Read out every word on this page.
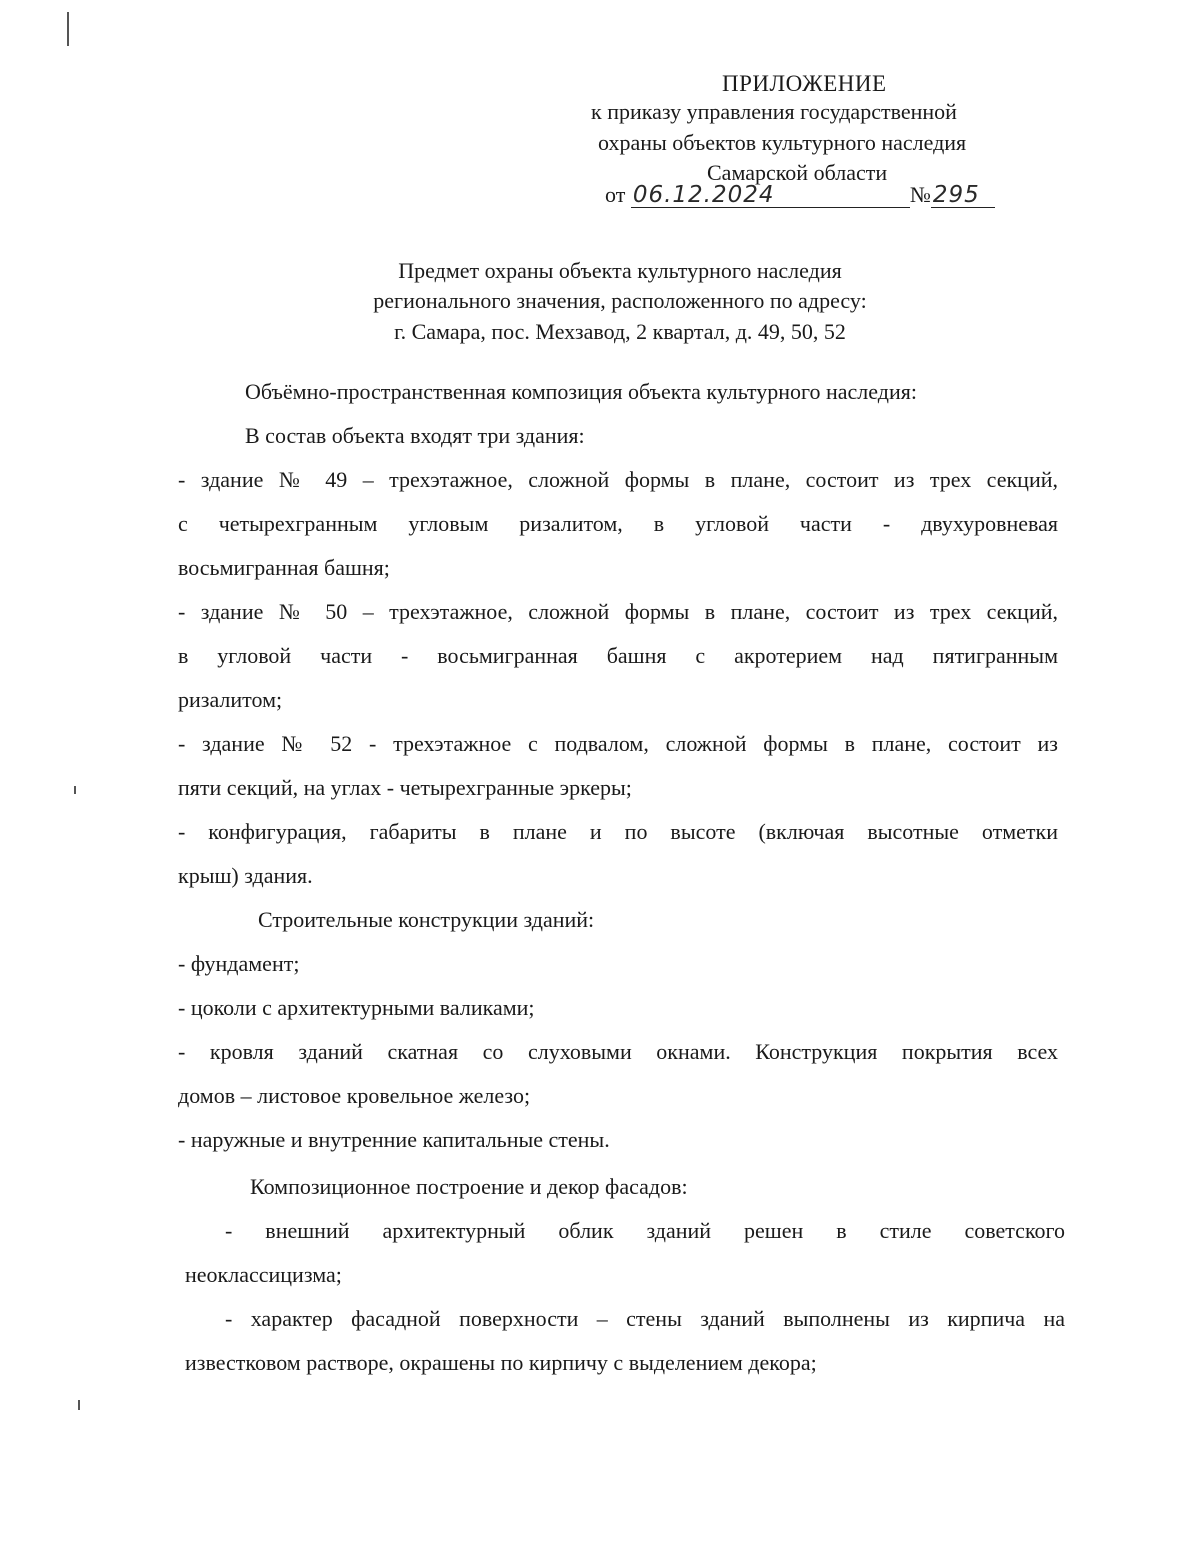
ПРИЛОЖЕНИЕ
к приказу управления государственной
охраны объектов культурного наследия
Самарской области
от 06.12.2024	№295
Предмет охраны объекта культурного наследия
регионального значения, расположенного по адресу:
г. Самара, пос. Мехзавод, 2 квартал, д. 49, 50, 52
Объёмно-пространственная композиция объекта культурного наследия:
В состав объекта входят три здания:
- здание № 49 – трехэтажное, сложной формы в плане, состоит из трех секций,
с четырехгранным угловым ризалитом, в угловой части - двухуровневая
восьмигранная башня;
- здание № 50 – трехэтажное, сложной формы в плане, состоит из трех секций,
в угловой части - восьмигранная башня с акротерием над пятигранным
ризалитом;
- здание № 52 - трехэтажное с подвалом, сложной формы в плане, состоит из
пяти секций, на углах - четырехгранные эркеры;
- конфигурация, габариты в плане и по высоте (включая высотные отметки
крыш) здания.
Строительные конструкции зданий:
- фундамент;
- цоколи с архитектурными валиками;
- кровля зданий скатная со слуховыми окнами. Конструкция покрытия всех
домов – листовое кровельное железо;
- наружные и внутренние капитальные стены.
Композиционное построение и декор фасадов:
- внешний архитектурный облик зданий решен в стиле советского
неоклассицизма;
- характер фасадной поверхности – стены зданий выполнены из кирпича на
известковом растворе, окрашены по кирпичу с выделением декора;
